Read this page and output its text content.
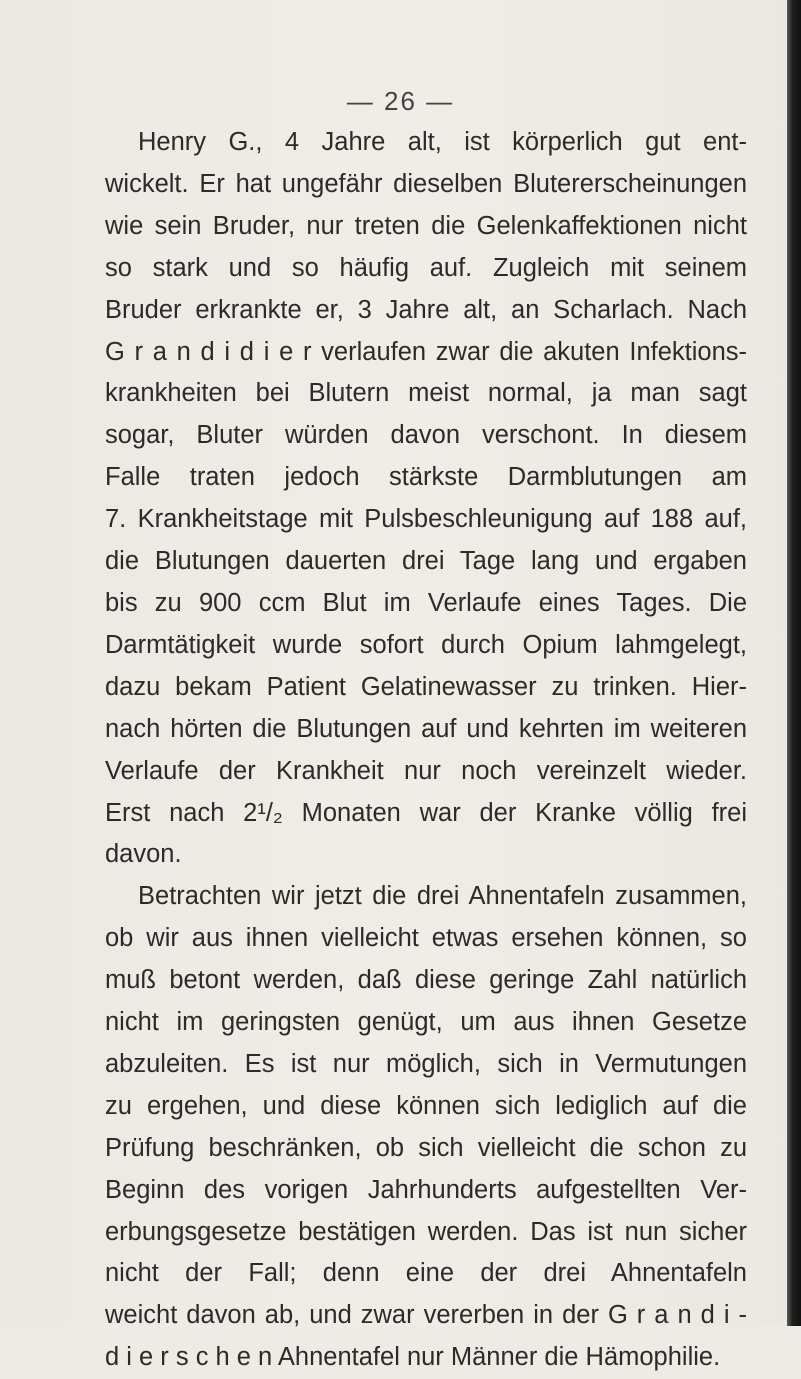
— 26 —
Henry G., 4 Jahre alt, ist körperlich gut ent-
wickelt. Er hat ungefähr dieselben Blutererscheinungen
wie sein Bruder, nur treten die Gelenkaffektionen nicht
so stark und so häufig auf. Zugleich mit seinem
Bruder erkrankte er, 3 Jahre alt, an Scharlach. Nach
G r a n d i d i e r verlaufen zwar die akuten Infektions-
krankheiten bei Blutern meist normal, ja man sagt
sogar, Bluter würden davon verschont. In diesem
Falle traten jedoch stärkste Darmblutungen am
7. Krankheitstage mit Pulsbeschleunigung auf 188 auf,
die Blutungen dauerten drei Tage lang und ergaben
bis zu 900 ccm Blut im Verlaufe eines Tages. Die
Darmtätigkeit wurde sofort durch Opium lahmgelegt,
dazu bekam Patient Gelatinewasser zu trinken. Hier-
nach hörten die Blutungen auf und kehrten im weiteren
Verlaufe der Krankheit nur noch vereinzelt wieder.
Erst nach 2¹/₂ Monaten war der Kranke völlig frei
davon.
Betrachten wir jetzt die drei Ahnentafeln zusammen,
ob wir aus ihnen vielleicht etwas ersehen können, so
muß betont werden, daß diese geringe Zahl natürlich
nicht im geringsten genügt, um aus ihnen Gesetze
abzuleiten. Es ist nur möglich, sich in Vermutungen
zu ergehen, und diese können sich lediglich auf die
Prüfung beschränken, ob sich vielleicht die schon zu
Beginn des vorigen Jahrhunderts aufgestellten Ver-
erbungsgesetze bestätigen werden. Das ist nun sicher
nicht der Fall; denn eine der drei Ahnentafeln
weicht davon ab, und zwar vererben in der G r a n d i -
d i e r s c h e n Ahnentafel nur Männer die Hämophilie.
